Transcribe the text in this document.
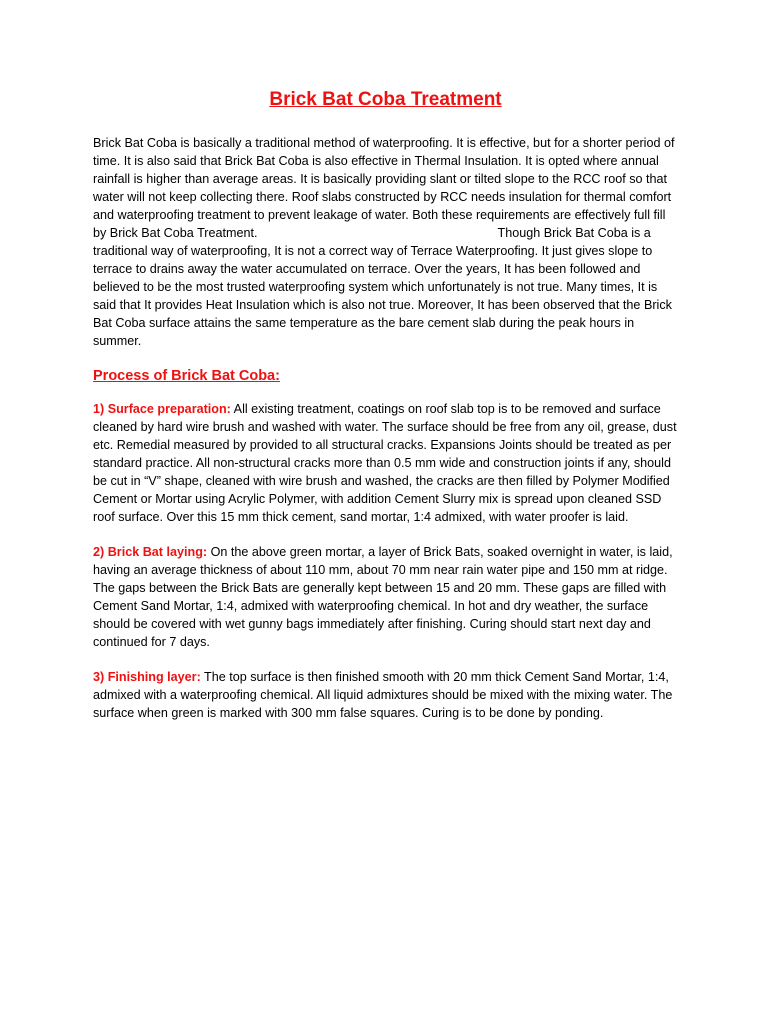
Brick Bat Coba Treatment

Brick Bat Coba is basically a traditional method of waterproofing. It is effective, but for a shorter period of time. It is also said that Brick Bat Coba is also effective in Thermal Insulation. It is opted where annual rainfall is higher than average areas. It is basically providing slant or tilted slope to the RCC roof so that water will not keep collecting there. Roof slabs constructed by RCC needs insulation for thermal comfort and waterproofing treatment to prevent leakage of water. Both these requirements are effectively full fill by Brick Bat Coba Treatment.	Though Brick Bat Coba is a traditional way of waterproofing, It is not a correct way of Terrace Waterproofing. It just gives slope to terrace to drains away the water accumulated on terrace. Over the years, It has been followed and believed to be the most trusted waterproofing system which unfortunately is not true. Many times, It is said that It provides Heat Insulation which is also not true. Moreover, It has been observed that the Brick Bat Coba surface attains the same temperature as the bare cement slab during the peak hours in summer.

Process of Brick Bat Coba:

1) Surface preparation: All existing treatment, coatings on roof slab top is to be removed and surface cleaned by hard wire brush and washed with water. The surface should be free from any oil, grease, dust etc. Remedial measured by provided to all structural cracks. Expansions Joints should be treated as per standard practice. All non-structural cracks more than 0.5 mm wide and construction joints if any, should be cut in “V” shape, cleaned with wire brush and washed, the cracks are then filled by Polymer Modified Cement or Mortar using Acrylic Polymer, with addition Cement Slurry mix is spread upon cleaned SSD roof surface. Over this 15 mm thick cement, sand mortar, 1:4 admixed, with water proofer is laid.

2) Brick Bat laying: On the above green mortar, a layer of Brick Bats, soaked overnight in water, is laid, having an average thickness of about 110 mm, about 70 mm near rain water pipe and 150 mm at ridge. The gaps between the Brick Bats are generally kept between 15 and 20 mm. These gaps are filled with Cement Sand Mortar, 1:4, admixed with waterproofing chemical. In hot and dry weather, the surface should be covered with wet gunny bags immediately after finishing. Curing should start next day and continued for 7 days.

3) Finishing layer: The top surface is then finished smooth with 20 mm thick Cement Sand Mortar, 1:4, admixed with a waterproofing chemical. All liquid admixtures should be mixed with the mixing water. The surface when green is marked with 300 mm false squares. Curing is to be done by ponding.
